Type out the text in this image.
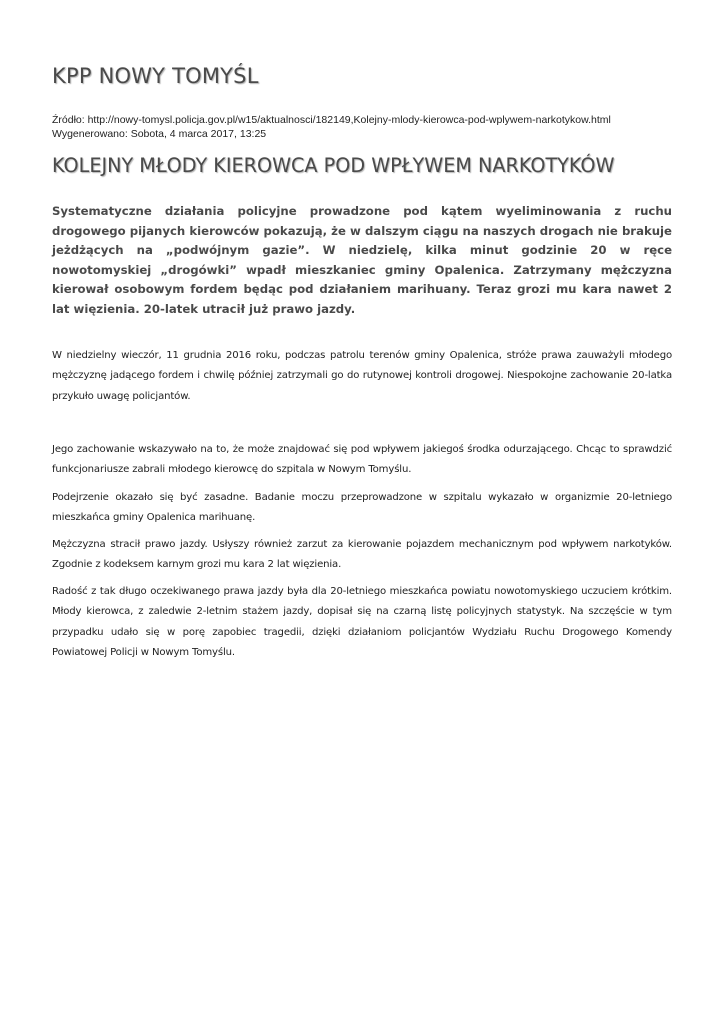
KPP NOWY TOMYŚL
Źródło: http://nowy-tomysl.policja.gov.pl/w15/aktualnosci/182149,Kolejny-mlody-kierowca-pod-wplywem-narkotykow.html
Wygenerowano: Sobota, 4 marca 2017, 13:25
KOLEJNY MŁODY KIEROWCA POD WPŁYWEM NARKOTYKÓW

Systematyczne działania policyjne prowadzone pod kątem wyeliminowania z ruchu drogowego pijanych kierowców pokazują, że w dalszym ciągu na naszych drogach nie brakuje jeżdżących na „podwójnym gazie”. W niedzielę, kilka minut godzinie 20 w ręce nowotomyskiej „drogówki” wpadł mieszkaniec gminy Opalenica. Zatrzymany mężczyzna kierował osobowym fordem będąc pod działaniem marihuany. Teraz grozi mu kara nawet 2 lat więzienia. 20-latek utracił już prawo jazdy.

W niedzielny wieczór, 11 grudnia 2016 roku, podczas patrolu terenów gminy Opalenica, stróże prawa zauważyli młodego mężczyznę jadącego fordem i chwilę później zatrzymali go do rutynowej kontroli drogowej. Niespokojne zachowanie 20-latka przykuło uwagę policjantów.

Jego zachowanie wskazywało na to, że może znajdować się pod wpływem jakiegoś środka odurzającego. Chcąc to sprawdzić funkcjonariusze zabrali młodego kierowcę do szpitala w Nowym Tomyślu.

Podejrzenie okazało się być zasadne. Badanie moczu przeprowadzone w szpitalu wykazało w organizmie 20-letniego mieszkańca gminy Opalenica marihuanę.

Mężczyzna stracił prawo jazdy. Usłyszy również zarzut za kierowanie pojazdem mechanicznym pod wpływem narkotyków. Zgodnie z kodeksem karnym grozi mu kara 2 lat więzienia.

Radość z tak długo oczekiwanego prawa jazdy była dla 20-letniego mieszkańca powiatu nowotomyskiego uczuciem krótkim. Młody kierowca, z zaledwie 2-letnim stażem jazdy, dopisał się na czarną listę policyjnych statystyk. Na szczęście w tym przypadku udało się w porę zapobiec tragedii, dzięki działaniom policjantów Wydziału Ruchu Drogowego Komendy Powiatowej Policji w Nowym Tomyślu.
